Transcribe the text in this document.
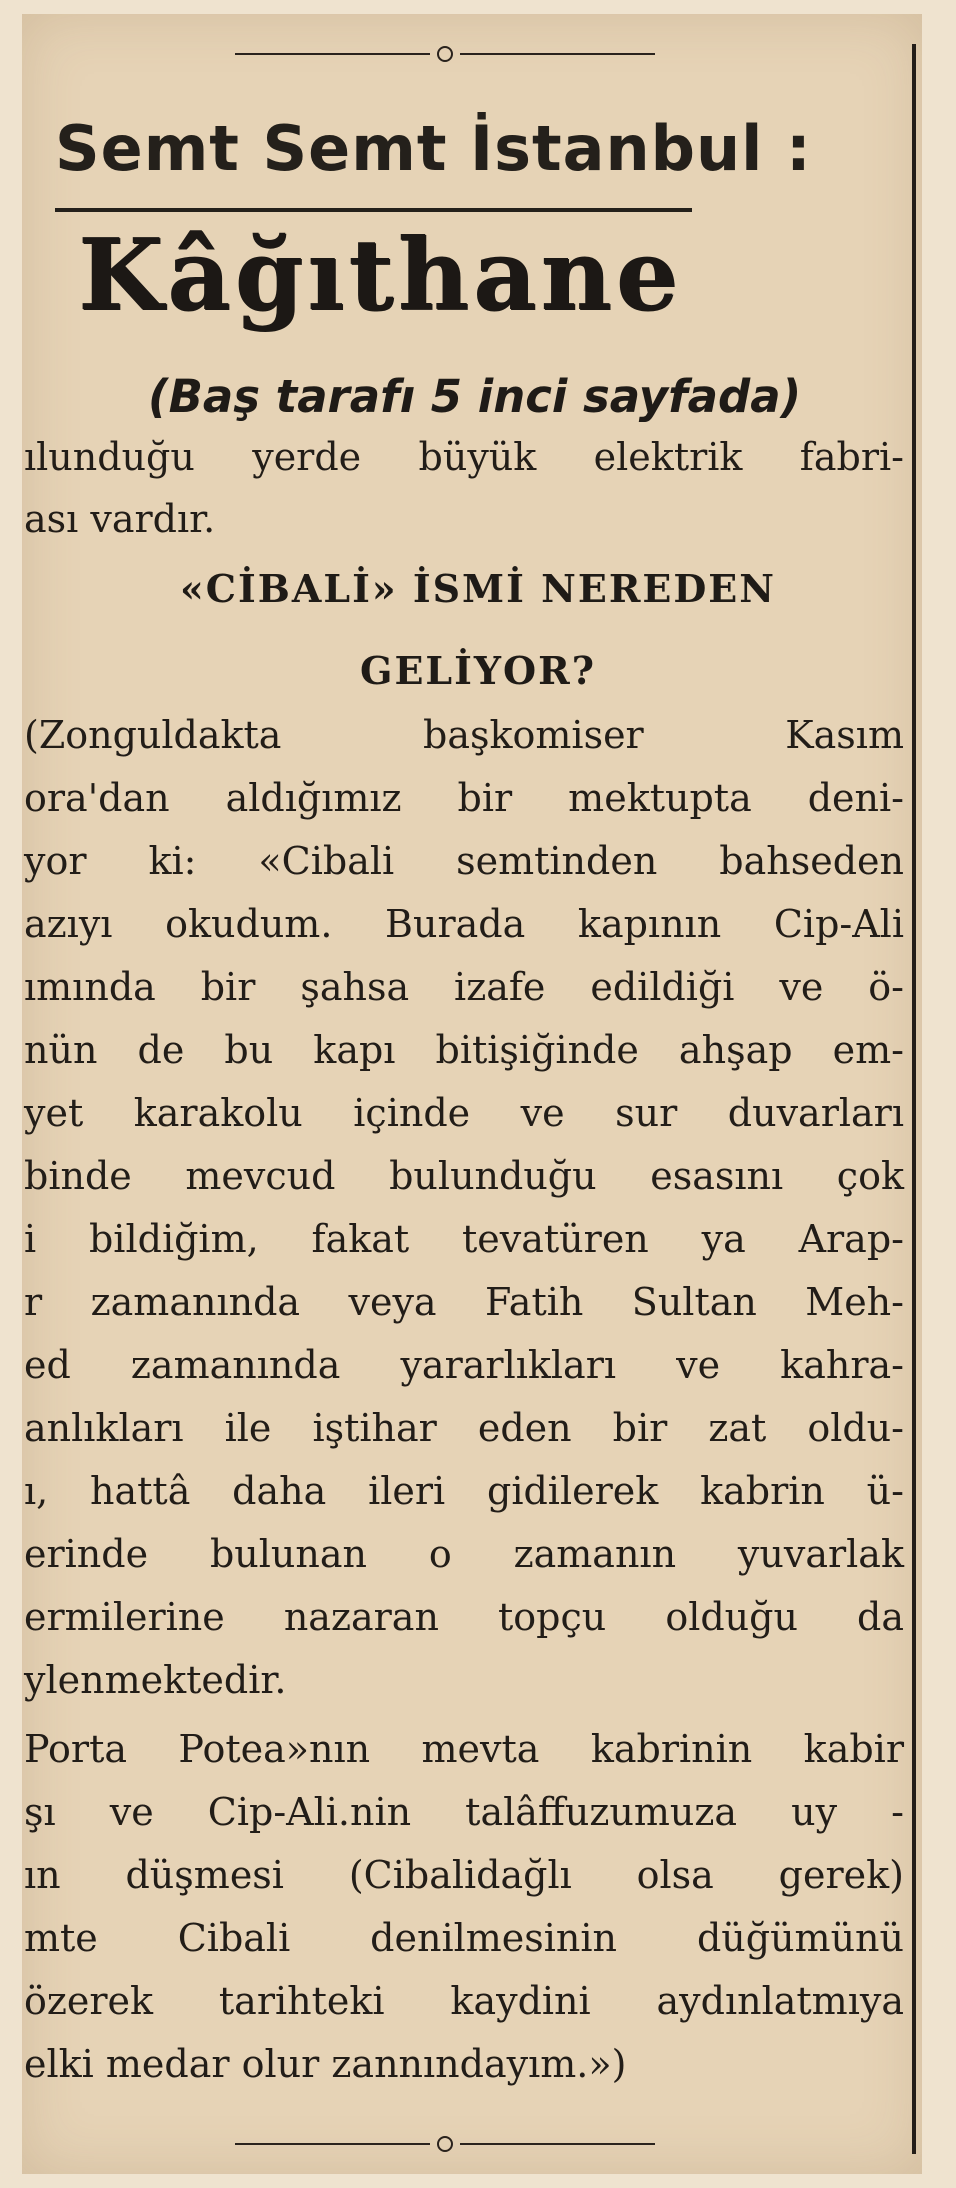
Semt Semt İstanbul :
Kâğıthane
(Baş tarafı 5 inci sayfada)
ılunduğu yerde büyük elektrik fabri-
ası vardır.
«CİBALİ» İSMİ NEREDEN
GELİYOR?
(Zonguldakta başkomiser Kasım
ora'dan aldığımız bir mektupta deni-
yor ki: «Cibali semtinden bahseden
azıyı okudum. Burada kapının Cip-Ali
ımında bir şahsa izafe edildiği ve ö-
nün de bu kapı bitişiğinde ahşap em-
yet karakolu içinde ve sur duvarları
binde mevcud bulunduğu esasını çok
i bildiğim, fakat tevatüren ya Arap-
r zamanında veya Fatih Sultan Meh-
ed zamanında yararlıkları ve kahra-
anlıkları ile iştihar eden bir zat oldu-
ı, hattâ daha ileri gidilerek kabrin ü-
erinde bulunan o zamanın yuvarlak
ermilerine nazaran topçu olduğu da
ylenmektedir.
Porta Potea»nın mevta kabrinin kabir
şı ve Cip-Ali.nin talâffuzumuza uy -
ın düşmesi (Cibalidağlı olsa gerek)
mte Cibali denilmesinin düğümünü
özerek tarihteki kaydini aydınlatmıya
elki medar olur zannındayım.»)
